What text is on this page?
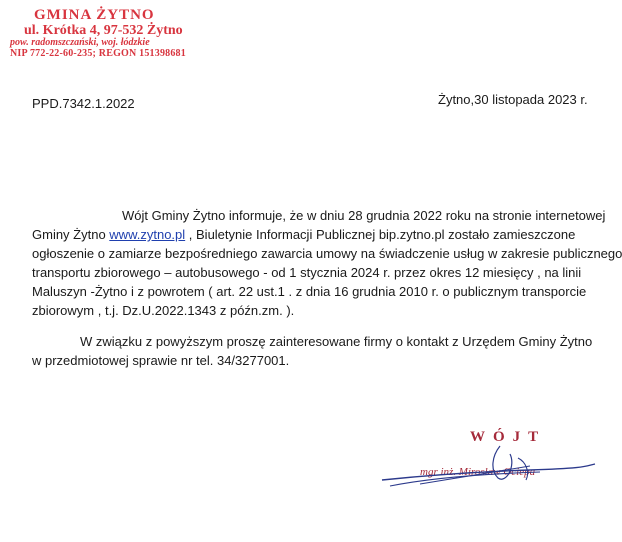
GMINA ŻYTNO
ul. Krótka 4, 97-532 Żytno
pow. radomszczański, woj. łódzkie
NIP 772-22-60-235; REGON 151398681
PPD.7342.1.2022	Żytno,30 listopada 2023 r.
Wójt Gminy Żytno informuje, że w dniu 28 grudnia 2022 roku na stronie internetowej
Gminy Żytno www.zytno.pl , Biuletynie Informacji Publicznej bip.zytno.pl zostało zamieszczone
ogłoszenie o zamiarze bezpośredniego zawarcia umowy na świadczenie usług w zakresie publicznego
transportu zbiorowego – autobusowego - od 1 stycznia 2024 r. przez okres 12 miesięcy , na linii
Maluszyn -Żytno i z powrotem ( art. 22 ust.1 . z dnia 16 grudnia 2010 r. o publicznym transporcie
zbiorowym , t.j. Dz.U.2022.1343 z późn.zm. ).
W związku z powyższym proszę zainteresowane firmy o kontakt z Urzędem Gminy Żytno
w przedmiotowej sprawie nr tel. 34/3277001.
WÓJT
mgr inż. Mirosław Ociepa
